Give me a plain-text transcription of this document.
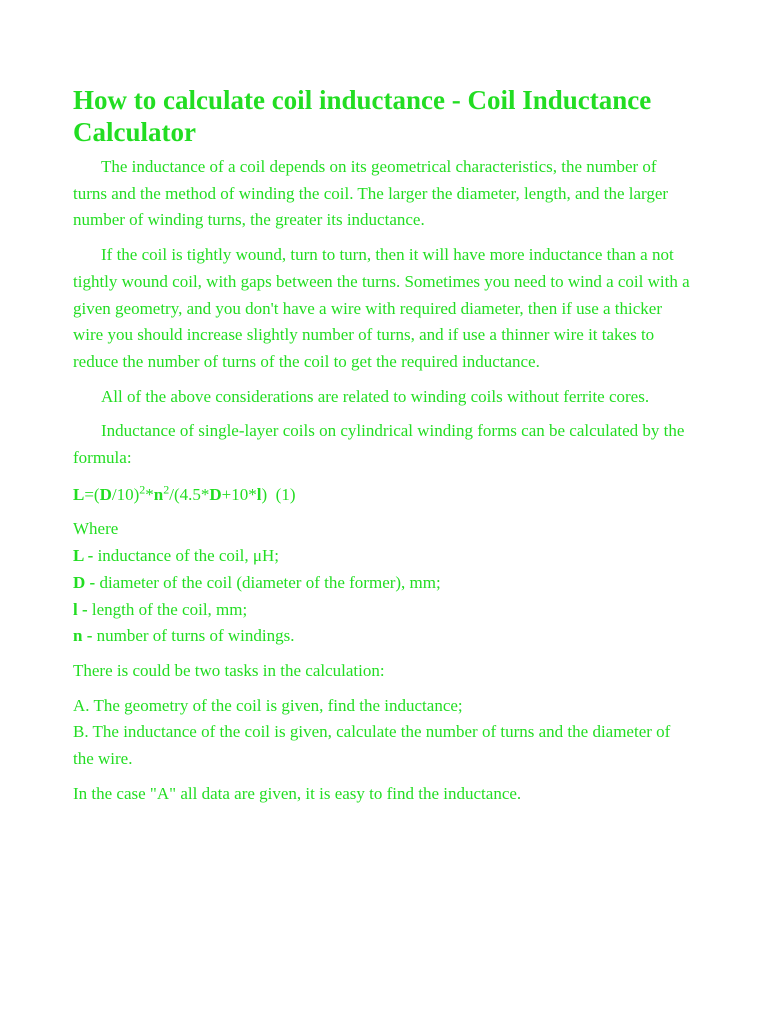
How to calculate coil inductance - Coil Inductance Calculator

The inductance of a coil depends on its geometrical characteristics, the number of turns and the method of winding the coil. The larger the diameter, length, and the larger number of winding turns, the greater its inductance.

If the coil is tightly wound, turn to turn, then it will have more inductance than a not tightly wound coil, with gaps between the turns. Sometimes you need to wind a coil with a given geometry, and you don't have a wire with required diameter, then if use a thicker wire you should increase slightly number of turns, and if use a thinner wire it takes to reduce the number of turns of the coil to get the required inductance.

All of the above considerations are related to winding coils without ferrite cores.

Inductance of single-layer coils on cylindrical winding forms can be calculated by the formula:

$L=(D/10)^2*n^2/(4.5*D+10*l)$ (1)

Where
L - inductance of the coil, μH;
D - diameter of the coil (diameter of the former), mm;
l - length of the coil, mm;
n - number of turns of windings.

There is could be two tasks in the calculation:

A. The geometry of the coil is given, find the inductance;
B. The inductance of the coil is given, calculate the number of turns and the diameter of the wire.

In the case "A" all data are given, it is easy to find the inductance.
